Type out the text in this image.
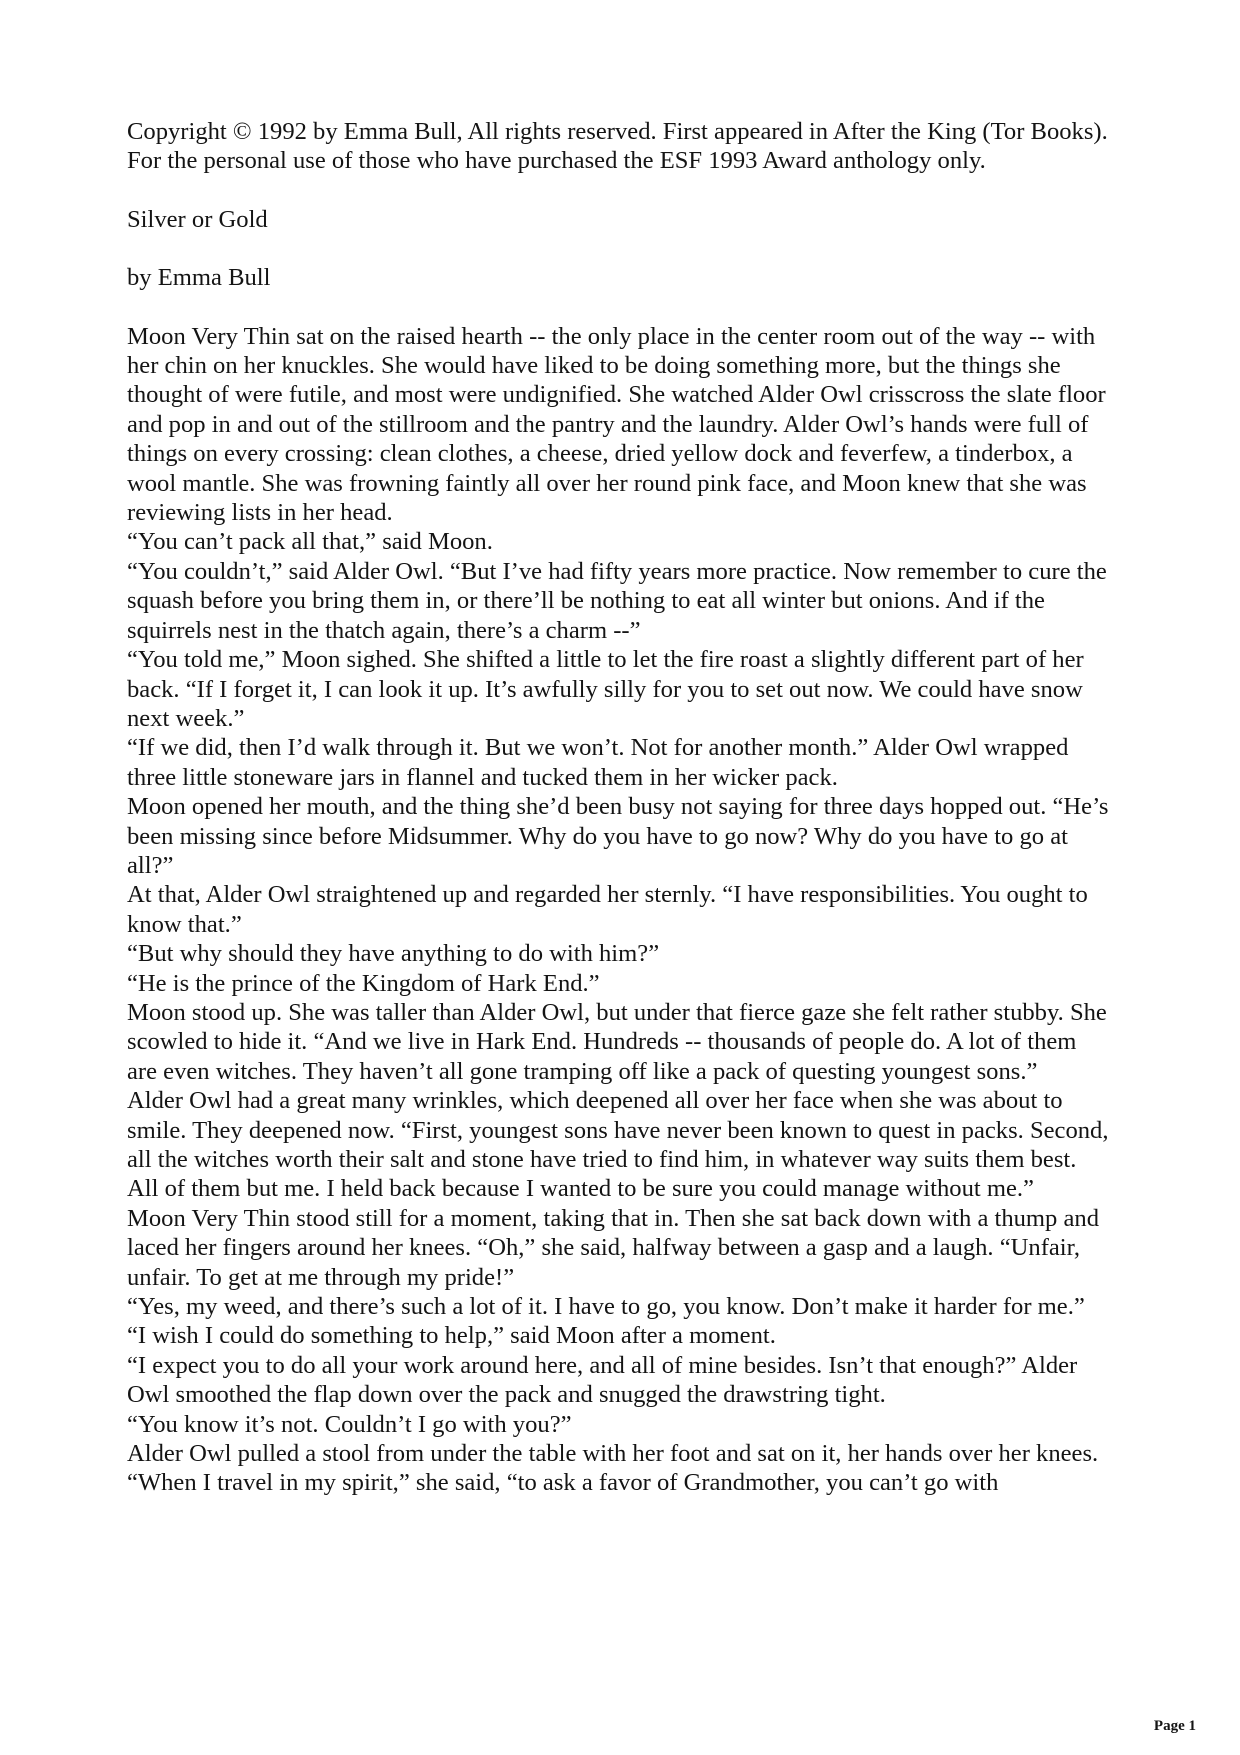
Copyright © 1992 by Emma Bull, All rights reserved. First appeared in After the King (Tor Books). For the personal use of those who have purchased the ESF 1993 Award anthology only.

Silver or Gold

by Emma Bull

Moon Very Thin sat on the raised hearth -- the only place in the center room out of the way -- with her chin on her knuckles. She would have liked to be doing something more, but the things she thought of were futile, and most were undignified. She watched Alder Owl crisscross the slate floor and pop in and out of the stillroom and the pantry and the laundry. Alder Owl’s hands were full of things on every crossing: clean clothes, a cheese, dried yellow dock and feverfew, a tinderbox, a wool mantle. She was frowning faintly all over her round pink face, and Moon knew that she was reviewing lists in her head.

“You can’t pack all that,” said Moon.

“You couldn’t,” said Alder Owl. “But I’ve had fifty years more practice. Now remember to cure the squash before you bring them in, or there’ll be nothing to eat all winter but onions. And if the squirrels nest in the thatch again, there’s a charm --”

“You told me,” Moon sighed. She shifted a little to let the fire roast a slightly different part of her back. “If I forget it, I can look it up. It’s awfully silly for you to set out now. We could have snow next week.”

“If we did, then I’d walk through it. But we won’t. Not for another month.” Alder Owl wrapped three little stoneware jars in flannel and tucked them in her wicker pack.

Moon opened her mouth, and the thing she’d been busy not saying for three days hopped out. “He’s been missing since before Midsummer. Why do you have to go now? Why do you have to go at all?”

At that, Alder Owl straightened up and regarded her sternly. “I have responsibilities. You ought to know that.”

“But why should they have anything to do with him?”

“He is the prince of the Kingdom of Hark End.”

Moon stood up. She was taller than Alder Owl, but under that fierce gaze she felt rather stubby. She scowled to hide it. “And we live in Hark End. Hundreds -- thousands of people do. A lot of them are even witches. They haven’t all gone tramping off like a pack of questing youngest sons.”

Alder Owl had a great many wrinkles, which deepened all over her face when she was about to smile. They deepened now. “First, youngest sons have never been known to quest in packs. Second, all the witches worth their salt and stone have tried to find him, in whatever way suits them best. All of them but me. I held back because I wanted to be sure you could manage without me.”

Moon Very Thin stood still for a moment, taking that in. Then she sat back down with a thump and laced her fingers around her knees. “Oh,” she said, halfway between a gasp and a laugh. “Unfair, unfair. To get at me through my pride!”

“Yes, my weed, and there’s such a lot of it. I have to go, you know. Don’t make it harder for me.”

“I wish I could do something to help,” said Moon after a moment.

“I expect you to do all your work around here, and all of mine besides. Isn’t that enough?” Alder Owl smoothed the flap down over the pack and snugged the drawstring tight.

“You know it’s not. Couldn’t I go with you?”

Alder Owl pulled a stool from under the table with her foot and sat on it, her hands over her knees. “When I travel in my spirit,” she said, “to ask a favor of Grandmother, you can’t go with

Page 1
